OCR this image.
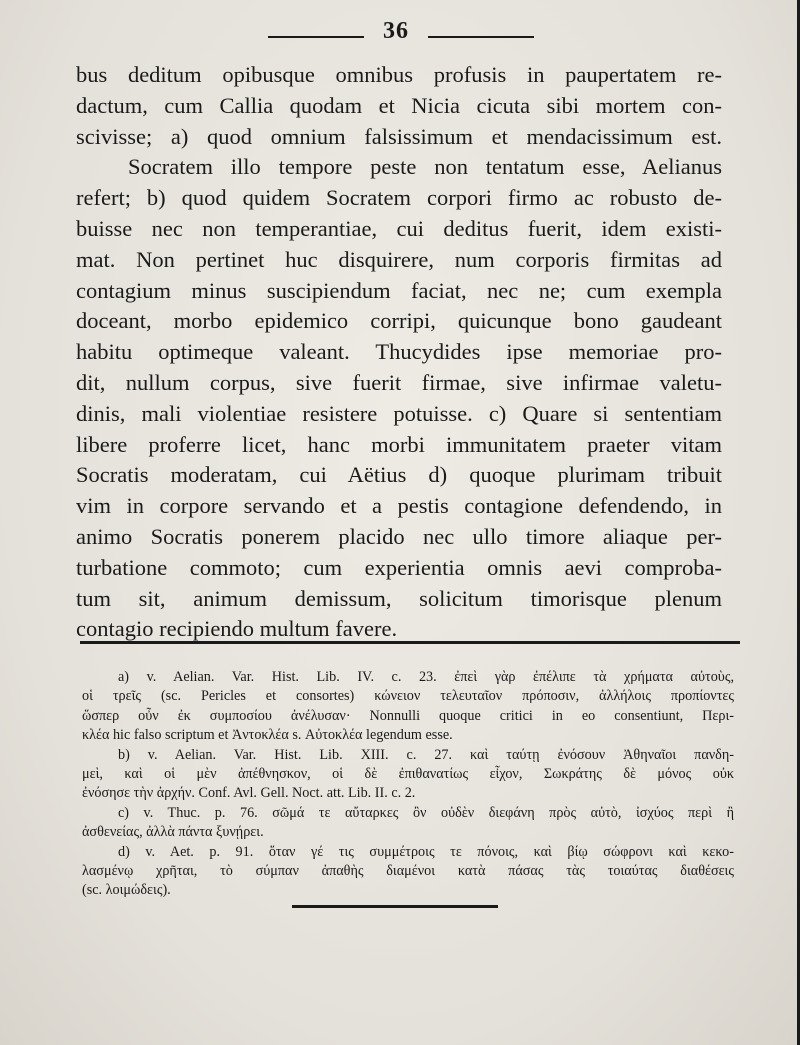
36
bus deditum opibusque omnibus profusis in paupertatem re-
dactum, cum Callia quodam et Nicia cicuta sibi mortem con-
scivisse; a) quod omnium falsissimum et mendacissimum est.
Socratem illo tempore peste non tentatum esse, Aelianus
refert; b) quod quidem Socratem corpori firmo ac robusto de-
buisse nec non temperantiae, cui deditus fuerit, idem existi-
mat. Non pertinet huc disquirere, num corporis firmitas ad
contagium minus suscipiendum faciat, nec ne; cum exempla
doceant, morbo epidemico corripi, quicunque bono gaudeant
habitu optimeque valeant. Thucydides ipse memoriae pro-
dit, nullum corpus, sive fuerit firmae, sive infirmae valetu-
dinis, mali violentiae resistere potuisse. c) Quare si sententiam
libere proferre licet, hanc morbi immunitatem praeter vitam
Socratis moderatam, cui Aëtius d) quoque plurimam tribuit
vim in corpore servando et a pestis contagione defendendo, in
animo Socratis ponerem placido nec ullo timore aliaque per-
turbatione commoto; cum experientia omnis aevi comproba-
tum sit, animum demissum, solicitum timorisque plenum
contagio recipiendo multum favere.
a) v. Aelian. Var. Hist. Lib. IV. c. 23. ἐπεὶ γὰρ ἐπέλιπε τὰ χρήματα αὐτοὺς,
οἱ τρεῖς (sc. Pericles et consortes) κώνειον τελευταῖον πρόποσιν, ἀλλήλοις προπίοντες
ὥσπερ οὖν ἐκ συμποσίου ἀνέλυσαν· Nonnulli quoque critici in eo consentiunt, Περι-
κλέα hic falso scriptum et Ἀντοκλέα s. Αὐτοκλέα legendum esse.
b) v. Aelian. Var. Hist. Lib. XIII. c. 27. καὶ ταύτῃ ἐνόσουν Ἀθηναῖοι πανδη-
μεὶ, καὶ οἱ μὲν ἀπέθνησκον, οἱ δὲ ἐπιθανατίως εἶχον, Σωκράτης δὲ μόνος οὐκ
ἐνόσησε τὴν ἀρχήν. Conf. Avl. Gell. Noct. att. Lib. II. c. 2.
c) v. Thuc. p. 76. σῶμά τε αὔταρκες ὂν οὐδὲν διεφάνη πρὸς αὐτὸ, ἰσχύος περὶ ἢ
ἀσθενείας, ἀλλὰ πάντα ξυνῄρει.
d) v. Aet. p. 91. ὅταν γέ τις συμμέτροις τε πόνοις, καὶ βίῳ σώφρονι καὶ κεκο-
λασμένῳ χρῆται, τὸ σύμπαν ἀπαθὴς διαμένοι κατὰ πάσας τὰς τοιαύτας διαθέσεις
(sc. λοιμώδεις).
